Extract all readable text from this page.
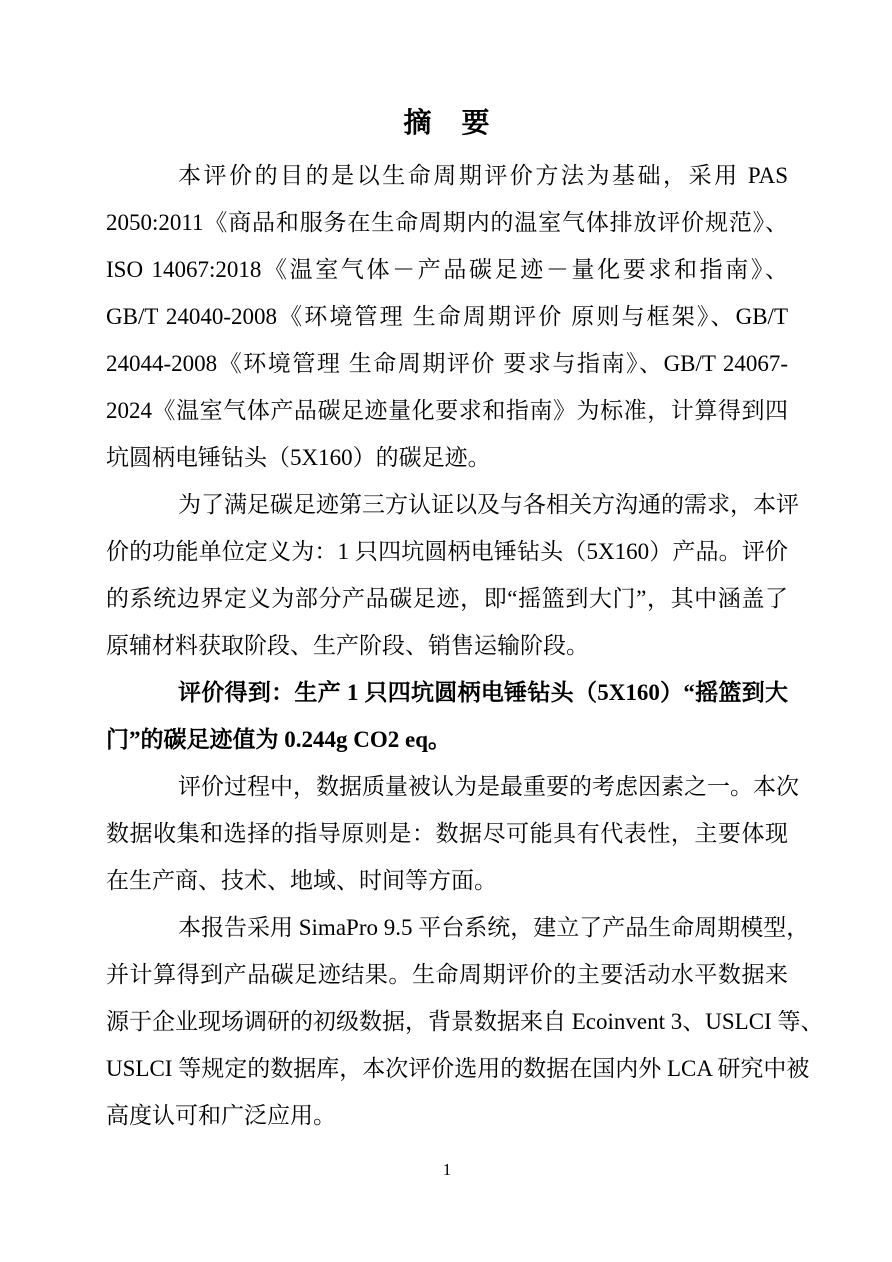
摘　要
本评价的目的是以生命周期评价方法为基础，采用 PAS
2050:2011《商品和服务在生命周期内的温室气体排放评价规范》、
ISO 14067:2018《温室气体－产品碳足迹－量化要求和指南》、
GB/T 24040-2008《环境管理 生命周期评价 原则与框架》、GB/T
24044-2008《环境管理 生命周期评价 要求与指南》、GB/T 24067-
2024《温室气体产品碳足迹量化要求和指南》为标准，计算得到四
坑圆柄电锤钻头（5X160）的碳足迹。
为了满足碳足迹第三方认证以及与各相关方沟通的需求，本评
价的功能单位定义为：1 只四坑圆柄电锤钻头（5X160）产品。评价
的系统边界定义为部分产品碳足迹，即“摇篮到大门”，其中涵盖了
原辅材料获取阶段、生产阶段、销售运输阶段。
评价得到：生产 1 只四坑圆柄电锤钻头（5X160）“摇篮到大
门”的碳足迹值为 0.244g CO2 eq。
评价过程中，数据质量被认为是最重要的考虑因素之一。本次
数据收集和选择的指导原则是：数据尽可能具有代表性，主要体现
在生产商、技术、地域、时间等方面。
本报告采用 SimaPro 9.5 平台系统，建立了产品生命周期模型，
并计算得到产品碳足迹结果。生命周期评价的主要活动水平数据来
源于企业现场调研的初级数据，背景数据来自 Ecoinvent 3、USLCI 等、
USLCI 等规定的数据库，本次评价选用的数据在国内外 LCA 研究中被
高度认可和广泛应用。
1
